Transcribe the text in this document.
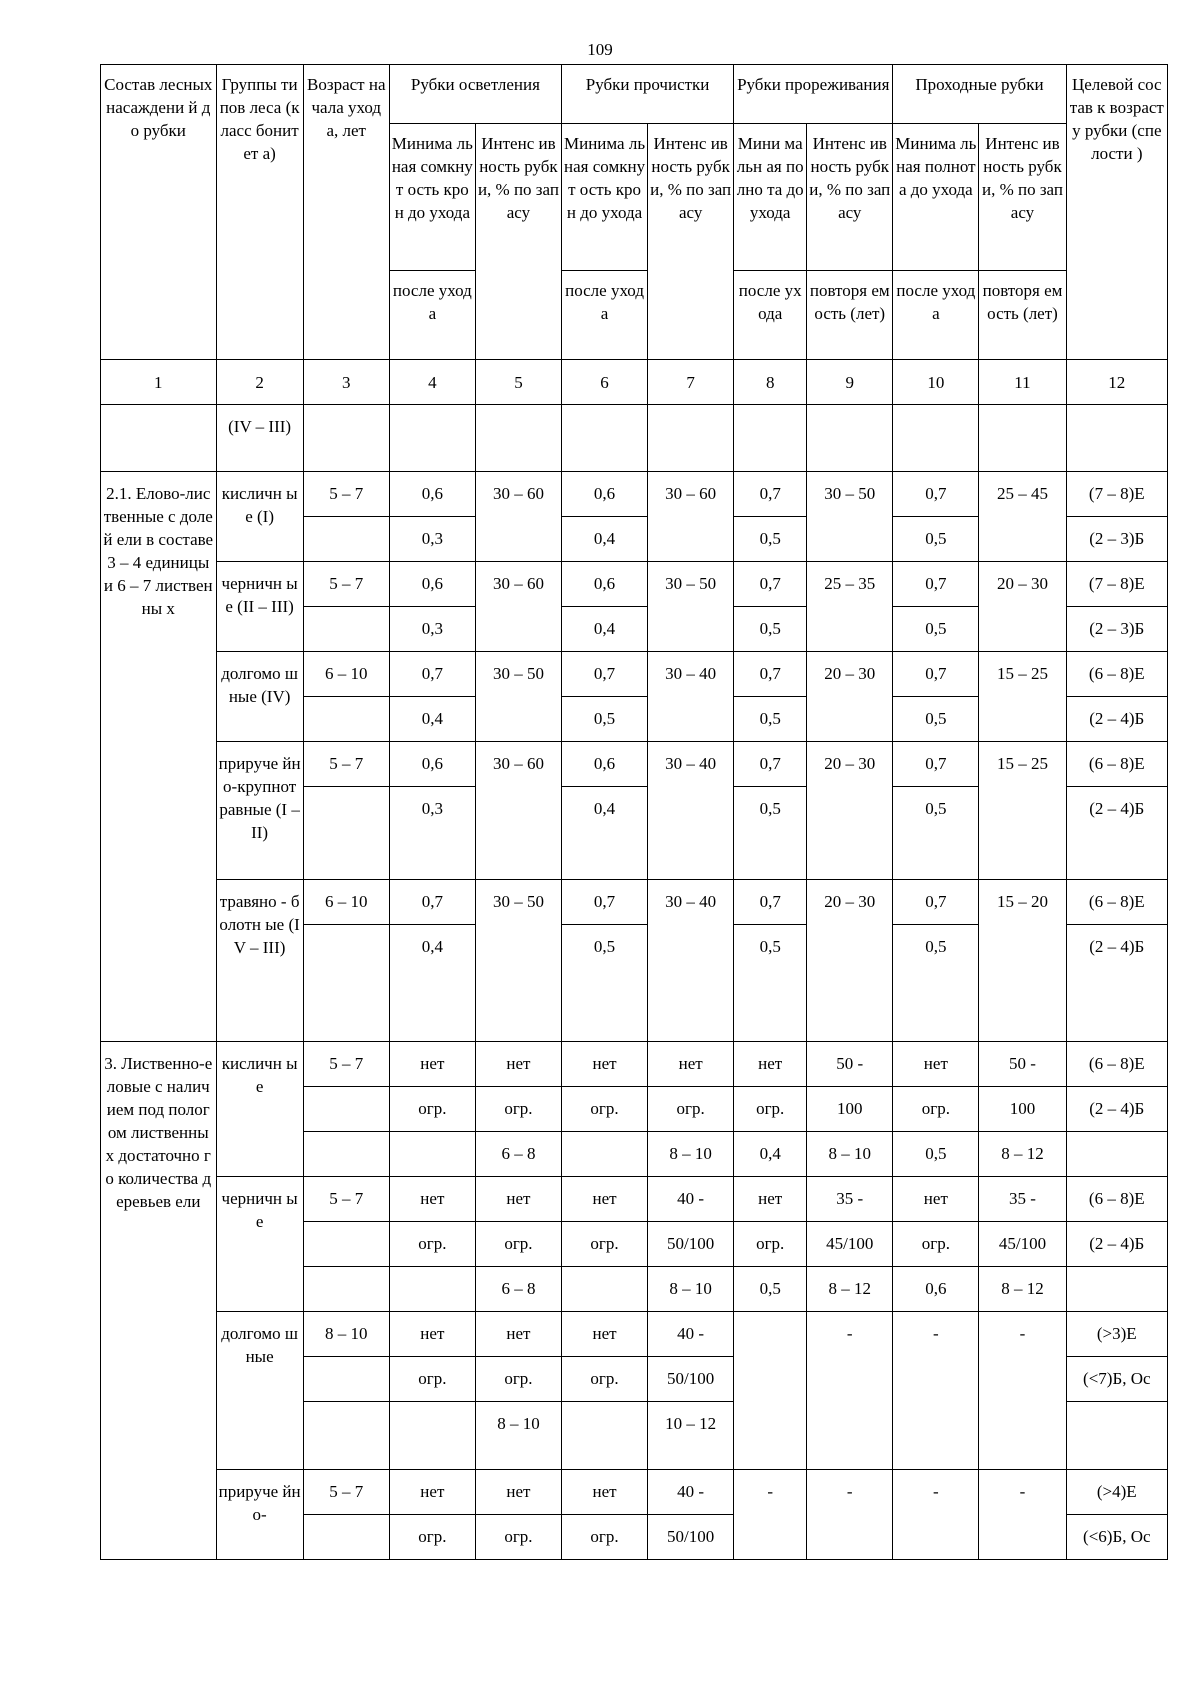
109
Состав лесных насаждени й до рубки	Группы типов леса (класс бонитет а)	Возраст начала ухода, лет	Рубки осветления		Рубки прочистки		Рубки прореживания		Проходные рубки		Целевой состав к возрасту рубки (спелости )
			Минима льная сомкнут ость крон до ухода	Интенс ивность рубки, % по запасу	Минима льная сомкнут ость крон до ухода	Интенс ивность рубки, % по запасу	Мини мальн ая полно та до ухода	Интенс ивность рубки, % по запасу	Минима льная полнота до ухода	Интенс ивность рубки, % по запасу	
			после ухода		после ухода		после ухода	повторя емость (лет)	после ухода	повторя емость (лет)	
1	2	3	4	5	6	7	8	9	10	11	12
	(IV – III)										
2.1. Елово-лиственные с долей ели в составе 3 – 4 единицы и 6 – 7 лиственны х	кисличн ые (I)	5 – 7	0,6	30 – 60	0,6	30 – 60	0,7	30 – 50	0,7	25 – 45	(7 – 8)Е
			0,3		0,4		0,5		0,5		(2 – 3)Б
	черничн ые (II – III)	5 – 7	0,6	30 – 60	0,6	30 – 50	0,7	25 – 35	0,7	20 – 30	(7 – 8)Е
			0,3		0,4		0,5		0,5		(2 – 3)Б
	долгомо шные (IV)	6 – 10	0,7	30 – 50	0,7	30 – 40	0,7	20 – 30	0,7	15 – 25	(6 – 8)Е
			0,4		0,5		0,5		0,5		(2 – 4)Б
	приручe йно-крупнот равные (I – II)	5 – 7	0,6	30 – 60	0,6	30 – 40	0,7	20 – 30	0,7	15 – 25	(6 – 8)Е
			0,3		0,4		0,5		0,5		(2 – 4)Б
	травяно - болотн ые (IV – III)	6 – 10	0,7	30 – 50	0,7	30 – 40	0,7	20 – 30	0,7	15 – 20	(6 – 8)Е
			0,4		0,5		0,5		0,5		(2 – 4)Б
3. Лиственно-еловые с наличием под пологом лиственны х достаточно го количества деревьев ели	кисличн ые	5 – 7	нет	нет	нет	нет	нет	50 -	нет	50 -	(6 – 8)Е
			огр.	огр.	огр.	огр.	огр.	100	огр.	100	(2 – 4)Б
				6 – 8		8 – 10	0,4	8 – 10	0,5	8 – 12	
	черничн ые	5 – 7	нет	нет	нет	40 -	нет	35 -	нет	35 -	(6 – 8)Е
			огр.	огр.	огр.	50/100	огр.	45/100	огр.	45/100	(2 – 4)Б
				6 – 8		8 – 10	0,5	8 – 12	0,6	8 – 12	
	долгомо шные	8 – 10	нет	нет	нет	40 -		-	-	-	(>3)Е
			огр.	огр.	огр.	50/100					(<7)Б, Ос
				8 – 10		10 – 12					
	приручe йно-	5 – 7	нет	нет	нет	40 -	-	-	-	-	(>4)Е
			огр.	огр.	огр.	50/100					(<6)Б, Ос
